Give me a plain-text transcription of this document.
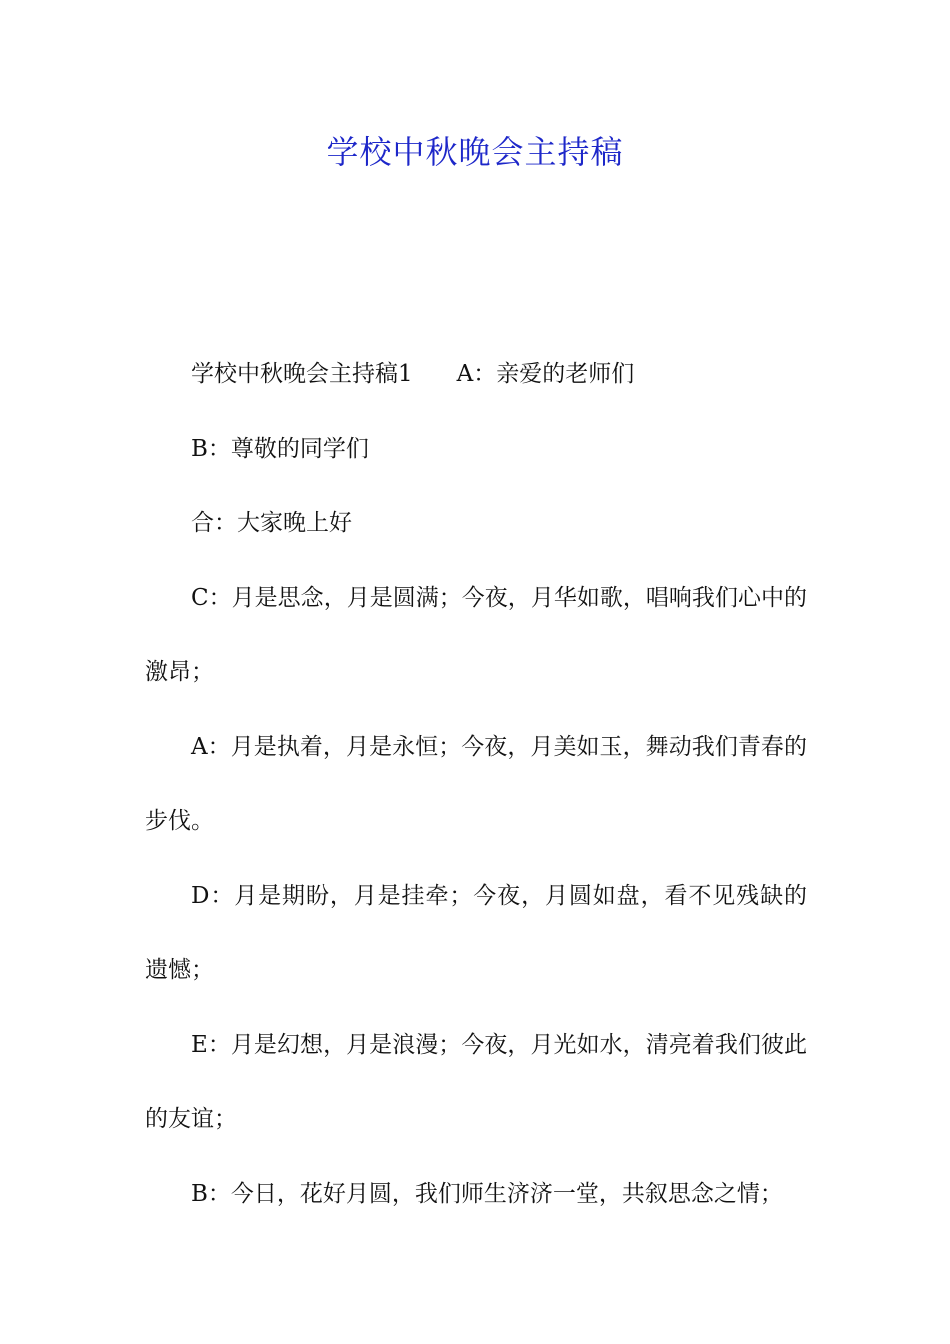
学校中秋晚会主持稿

学校中秋晚会主持稿1 A：亲爱的老师们

B：尊敬的同学们

合：大家晚上好

C：月是思念，月是圆满；今夜，月华如歌，唱响我们心中的激昂；

A：月是执着，月是永恒；今夜，月美如玉，舞动我们青春的步伐。

D：月是期盼，月是挂牵；今夜，月圆如盘，看不见残缺的遗憾；

E：月是幻想，月是浪漫；今夜，月光如水，清亮着我们彼此的友谊；

B：今日，花好月圆，我们师生济济一堂，共叙思念之情；
